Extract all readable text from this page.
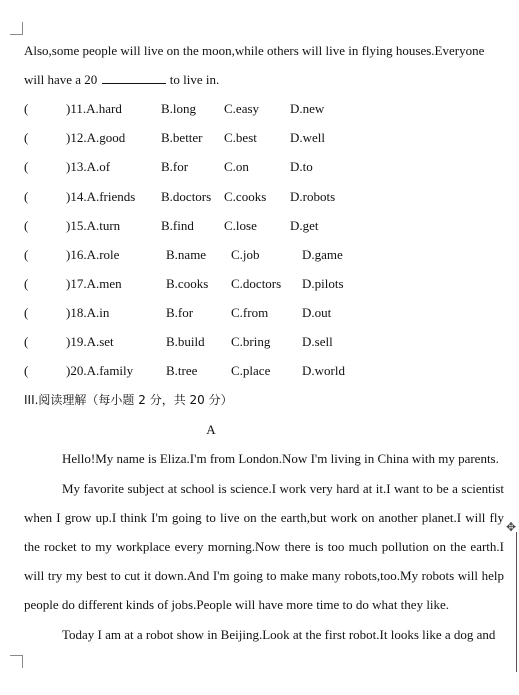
✥
Also,some people will live on the moon,while others will live in flying houses.Everyone
will have a 20	to live in.
(	)11.A.hard	B.long C.easy D.new
(	)12.A.good	B.better C.best	D.well
(	)13.A.of	B.for	C.on	D.to
(	)14.A.friends B.doctors C.cooks D.robots
(	)15.A.turn	B.find C.lose	D.get
(	)16.A.role	B.name C.job	D.game
(	)17.A.men	B.cooks C.doctors D.pilots
(	)18.A.in	B.for	C.from	D.out
(	)19.A.set	B.build C.bring D.sell
(	)20.A.family	B.tree	C.place D.world
III.阅读理解（每小题 2 分，共 20 分）
A
Hello!My name is Eliza.I'm from London.Now I'm living in China with my parents.
My favorite subject at school is science.I work very hard at it.I want to be a scientist when I grow up.I think I'm going to live on the earth,but work on another planet.I will fly the rocket to my workplace every morning.Now there is too much pollution on the earth.I will try my best to cut it down.And I'm going to make many robots,too.My robots will help people do different kinds of jobs.People will have more time to do what they like.
Today I am at a robot show in Beijing.Look at the first robot.It looks like a dog and
